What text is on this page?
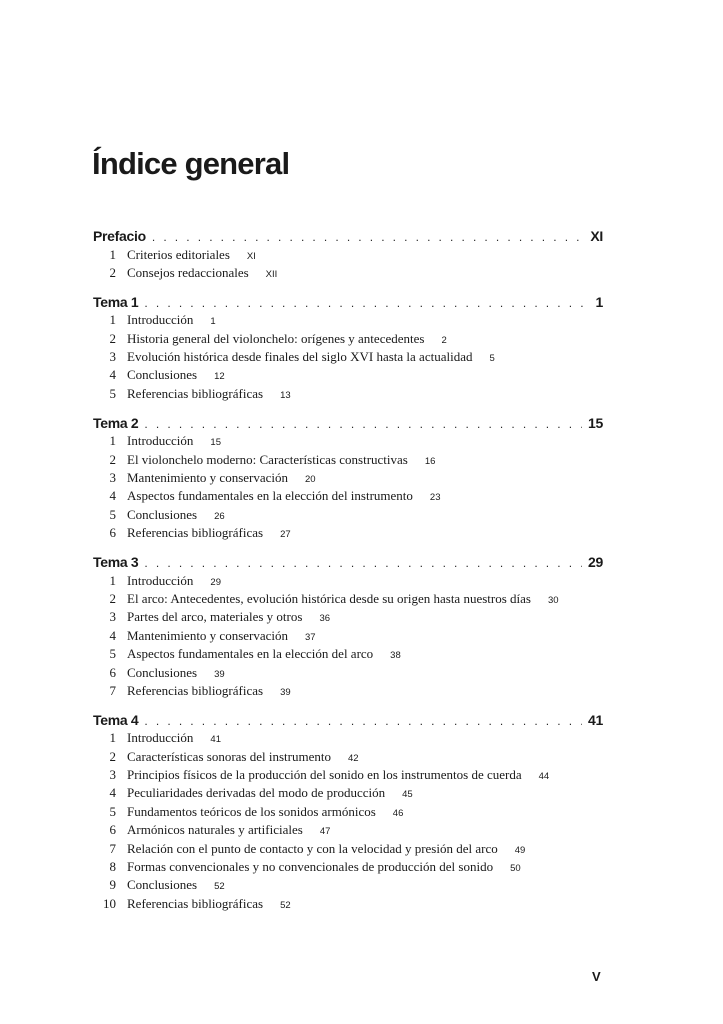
Índice general
Prefacio . . .	XI
1 Criterios editoriales XI
2 Consejos redaccionales XII
Tema 1 . . .	1
1 Introducción 1
2 Historia general del violonchelo: orígenes y antecedentes 2
3 Evolución histórica desde finales del siglo XVI hasta la actualidad 5
4 Conclusiones 12
5 Referencias bibliográficas 13
Tema 2 . . .	15
1 Introducción 15
2 El violonchelo moderno: Características constructivas 16
3 Mantenimiento y conservación 20
4 Aspectos fundamentales en la elección del instrumento 23
5 Conclusiones 26
6 Referencias bibliográficas 27
Tema 3 . . .	29
1 Introducción 29
2 El arco: Antecedentes, evolución histórica desde su origen hasta nuestros días 30
3 Partes del arco, materiales y otros 36
4 Mantenimiento y conservación 37
5 Aspectos fundamentales en la elección del arco 38
6 Conclusiones 39
7 Referencias bibliográficas 39
Tema 4 . . .	41
1 Introducción 41
2 Características sonoras del instrumento 42
3 Principios físicos de la producción del sonido en los instrumentos de cuerda 44
4 Peculiaridades derivadas del modo de producción 45
5 Fundamentos teóricos de los sonidos armónicos 46
6 Armónicos naturales y artificiales 47
7 Relación con el punto de contacto y con la velocidad y presión del arco 49
8 Formas convencionales y no convencionales de producción del sonido 50
9 Conclusiones 52
10 Referencias bibliográficas 52
V
